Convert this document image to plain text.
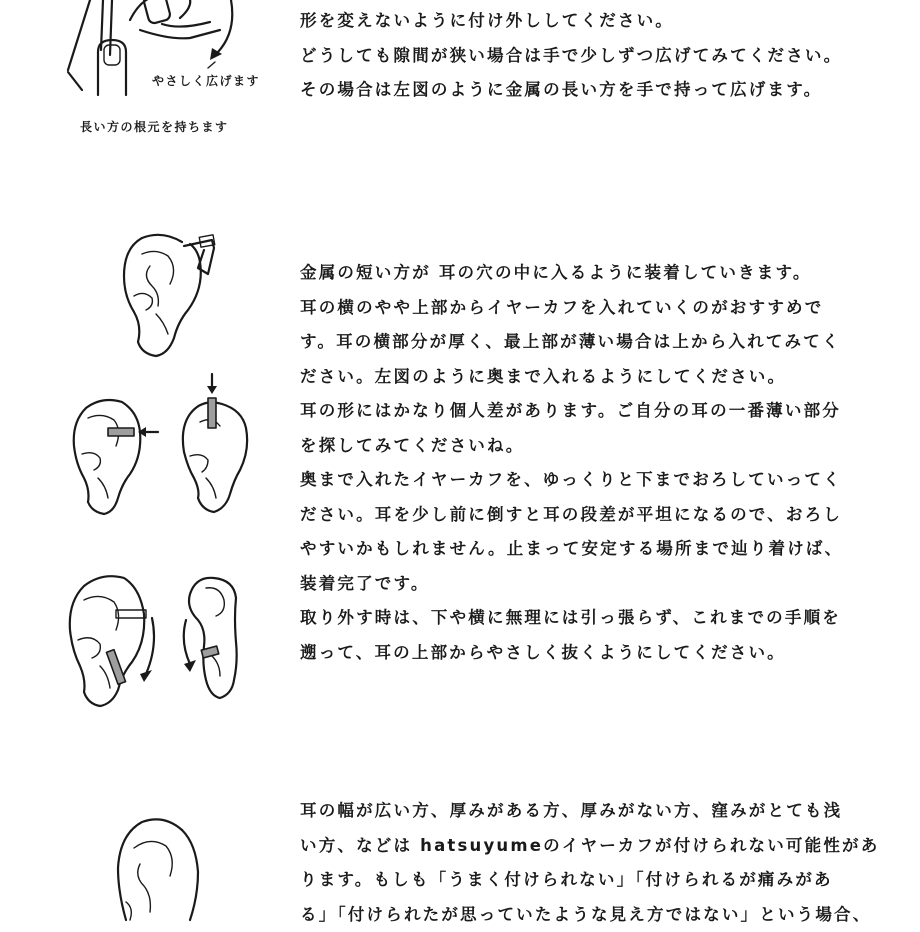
やさしく広げます
長い方の根元を持ちます
形を変えないように付け外ししてください。
どうしても隙間が狭い場合は手で少しずつ広げてみてください。
その場合は左図のように金属の長い方を手で持って広げます。
金属の短い方が 耳の穴の中に入るように装着していきます。
耳の横のやや上部からイヤーカフを入れていくのがおすすめで
す。耳の横部分が厚く、最上部が薄い場合は上から入れてみてく
ださい。左図のように奥まで入れるようにしてください。
耳の形にはかなり個人差があります。ご自分の耳の一番薄い部分
を探してみてくださいね。
奥まで入れたイヤーカフを、ゆっくりと下までおろしていってく
ださい。耳を少し前に倒すと耳の段差が平坦になるので、おろし
やすいかもしれません。止まって安定する場所まで辿り着けば、
装着完了です。
取り外す時は、下や横に無理には引っ張らず、これまでの手順を
遡って、耳の上部からやさしく抜くようにしてください。
耳の幅が広い方、厚みがある方、厚みがない方、窪みがとても浅
い方、などは hatsuyumeのイヤーカフが付けられない可能性があ
ります。もしも「うまく付けられない」「付けられるが痛みがあ
る」「付けられたが思っていたような見え方ではない」という場合、
